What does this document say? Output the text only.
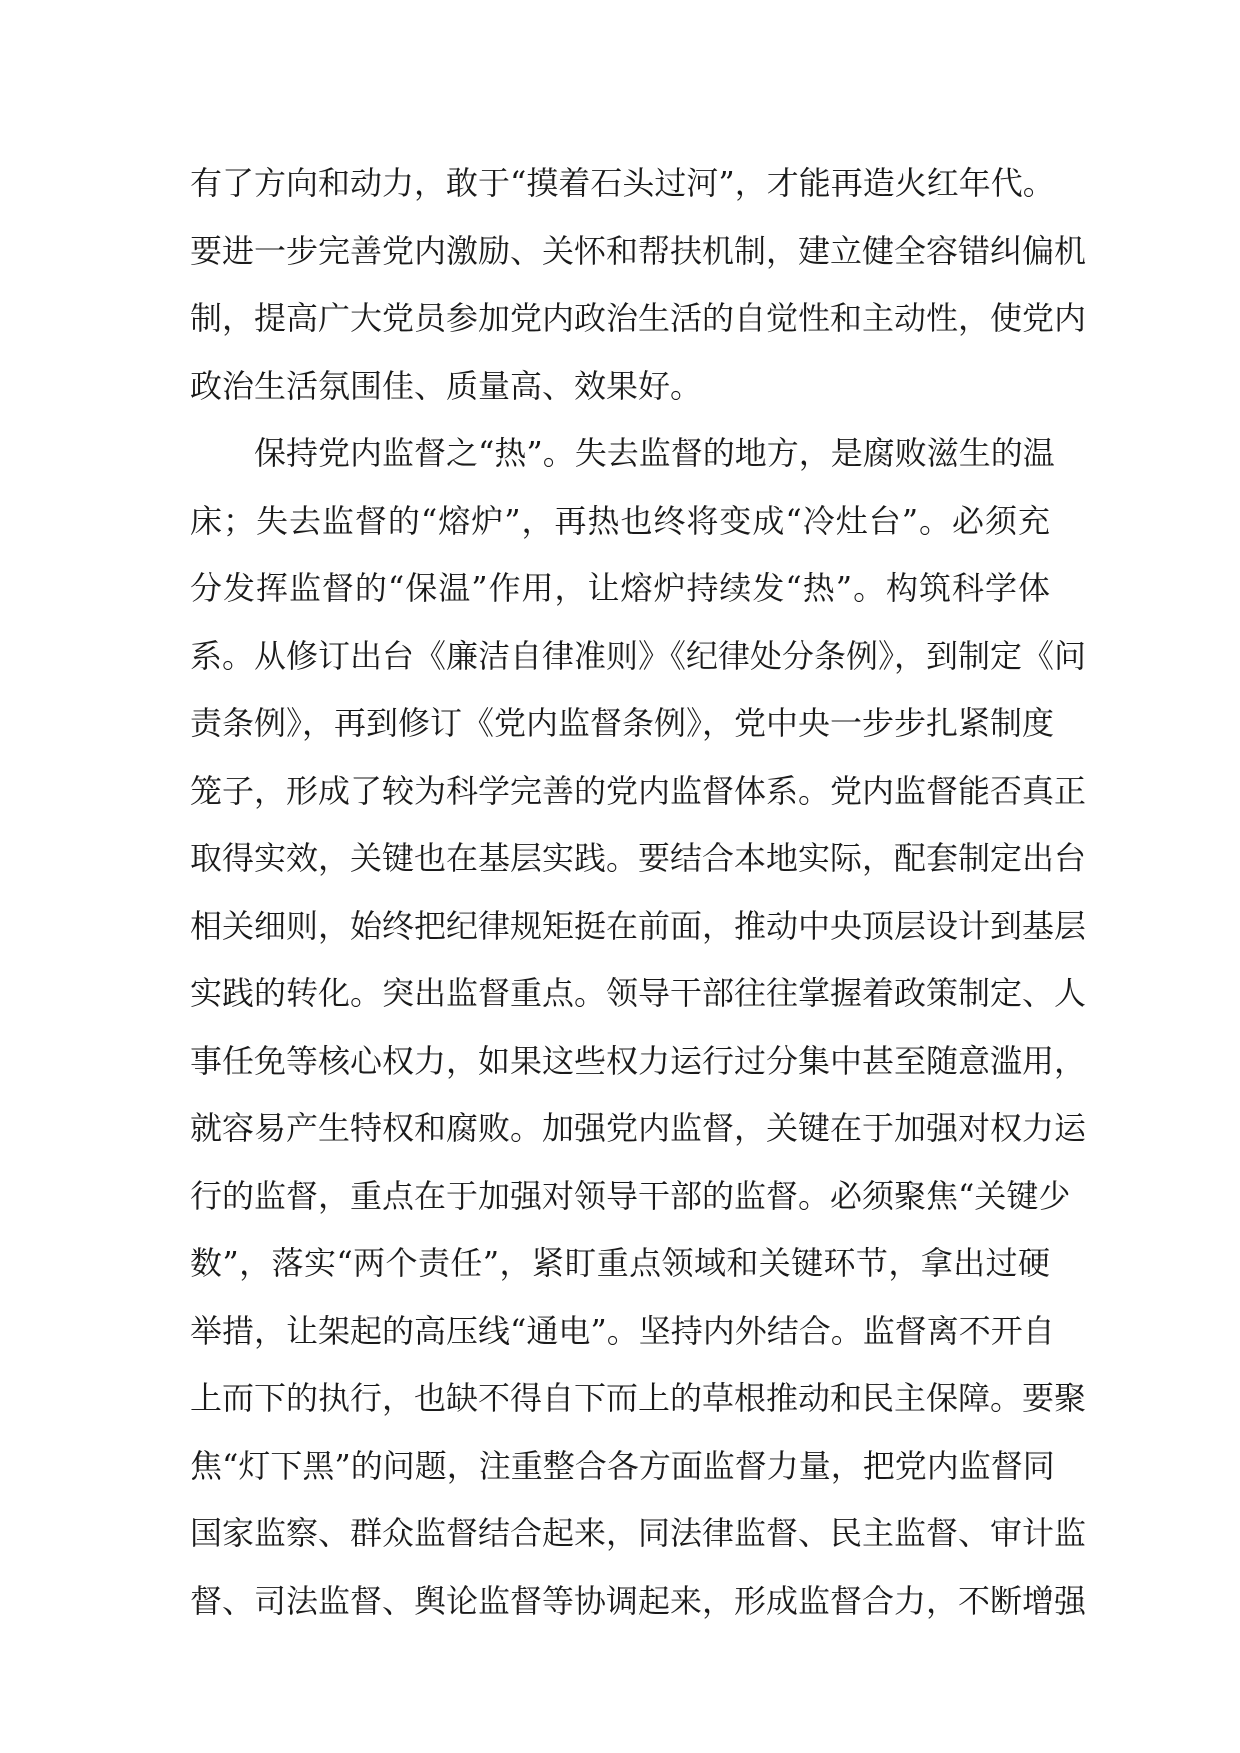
有了方向和动力，敢于“摸着石头过河”，才能再造火红年代。
要进一步完善党内激励、关怀和帮扶机制，建立健全容错纠偏机
制，提高广大党员参加党内政治生活的自觉性和主动性，使党内
政治生活氛围佳、质量高、效果好。
保持党内监督之“热”。失去监督的地方，是腐败滋生的温
床；失去监督的“熔炉”，再热也终将变成“冷灶台”。必须充
分发挥监督的“保温”作用，让熔炉持续发“热”。构筑科学体
系。从修订出台《廉洁自律准则》《纪律处分条例》，到制定《问
责条例》，再到修订《党内监督条例》，党中央一步步扎紧制度
笼子，形成了较为科学完善的党内监督体系。党内监督能否真正
取得实效，关键也在基层实践。要结合本地实际，配套制定出台
相关细则，始终把纪律规矩挺在前面，推动中央顶层设计到基层
实践的转化。突出监督重点。领导干部往往掌握着政策制定、人
事任免等核心权力，如果这些权力运行过分集中甚至随意滥用，
就容易产生特权和腐败。加强党内监督，关键在于加强对权力运
行的监督，重点在于加强对领导干部的监督。必须聚焦“关键少
数”，落实“两个责任”，紧盯重点领域和关键环节，拿出过硬
举措，让架起的高压线“通电”。坚持内外结合。监督离不开自
上而下的执行，也缺不得自下而上的草根推动和民主保障。要聚
焦“灯下黑”的问题，注重整合各方面监督力量，把党内监督同
国家监察、群众监督结合起来，同法律监督、民主监督、审计监
督、司法监督、舆论监督等协调起来，形成监督合力，不断增强
